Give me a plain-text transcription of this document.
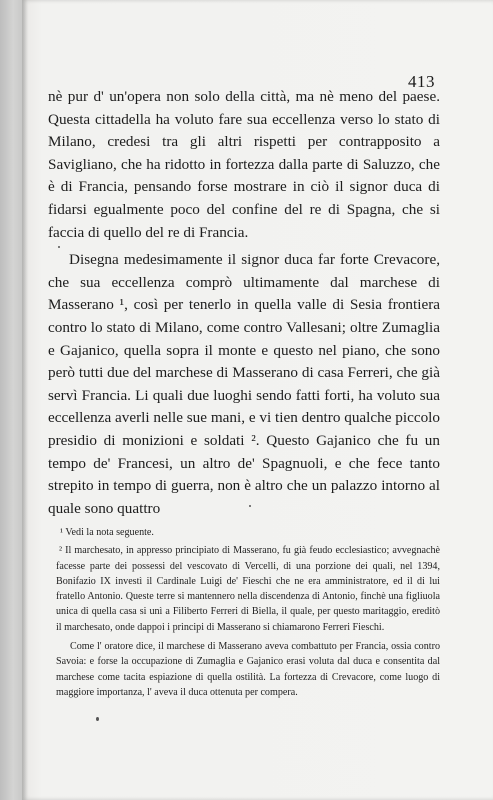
413

nè pur d' un'opera non solo della città, ma nè meno del paese. Questa cittadella ha voluto fare sua eccellenza verso lo stato di Milano, credesi tra gli altri rispetti per contrapposito a Savigliano, che ha ridotto in fortezza dalla parte di Saluzzo, che è di Francia, pensando forse mostrare in ciò il signor duca di fidarsi egualmente poco del confine del re di Spagna, che si faccia di quello del re di Francia.

Disegna medesimamente il signor duca far forte Crevacore, che sua eccellenza comprò ultimamente dal marchese di Masserano ¹, così per tenerlo in quella valle di Sesia frontiera contro lo stato di Milano, come contro Vallesani; oltre Zumaglia e Gajanico, quella sopra il monte e questo nel piano, che sono però tutti due del marchese di Masserano di casa Ferreri, che già servì Francia. Li quali due luoghi sendo fatti forti, ha voluto sua eccellenza averli nelle sue mani, e vi tien dentro qualche piccolo presidio di monizioni e soldati ². Questo Gajanico che fu un tempo de' Francesi, un altro de' Spagnuoli, e che fece tanto strepito in tempo di guerra, non è altro che un palazzo intorno al quale sono quattro

¹ Vedi la nota seguente.

² Il marchesato, in appresso principiato di Masserano, fu già feudo ecclesiastico; avvegnachè facesse parte dei possessi del vescovato di Vercelli, di una porzione dei quali, nel 1394, Bonifazio IX investì il Cardinale Luigi de' Fieschi che ne era amministratore, ed il di lui fratello Antonio. Queste terre si mantennero nella discendenza di Antonio, finchè una figliuola unica di quella casa si unì a Filiberto Ferreri di Biella, il quale, per questo maritaggio, ereditò il marchesato, onde dappoi i principi di Masserano si chiamarono Ferreri Fieschi.

Come l' oratore dice, il marchese di Masserano aveva combattuto per Francia, ossia contro Savoia: e forse la occupazione di Zumaglia e Gajanico erasi voluta dal duca e consentita dal marchese come tacita espiazione di quella ostilità. La fortezza di Crevacore, come luogo di maggiore importanza, l' aveva il duca ottenuta per compera.
